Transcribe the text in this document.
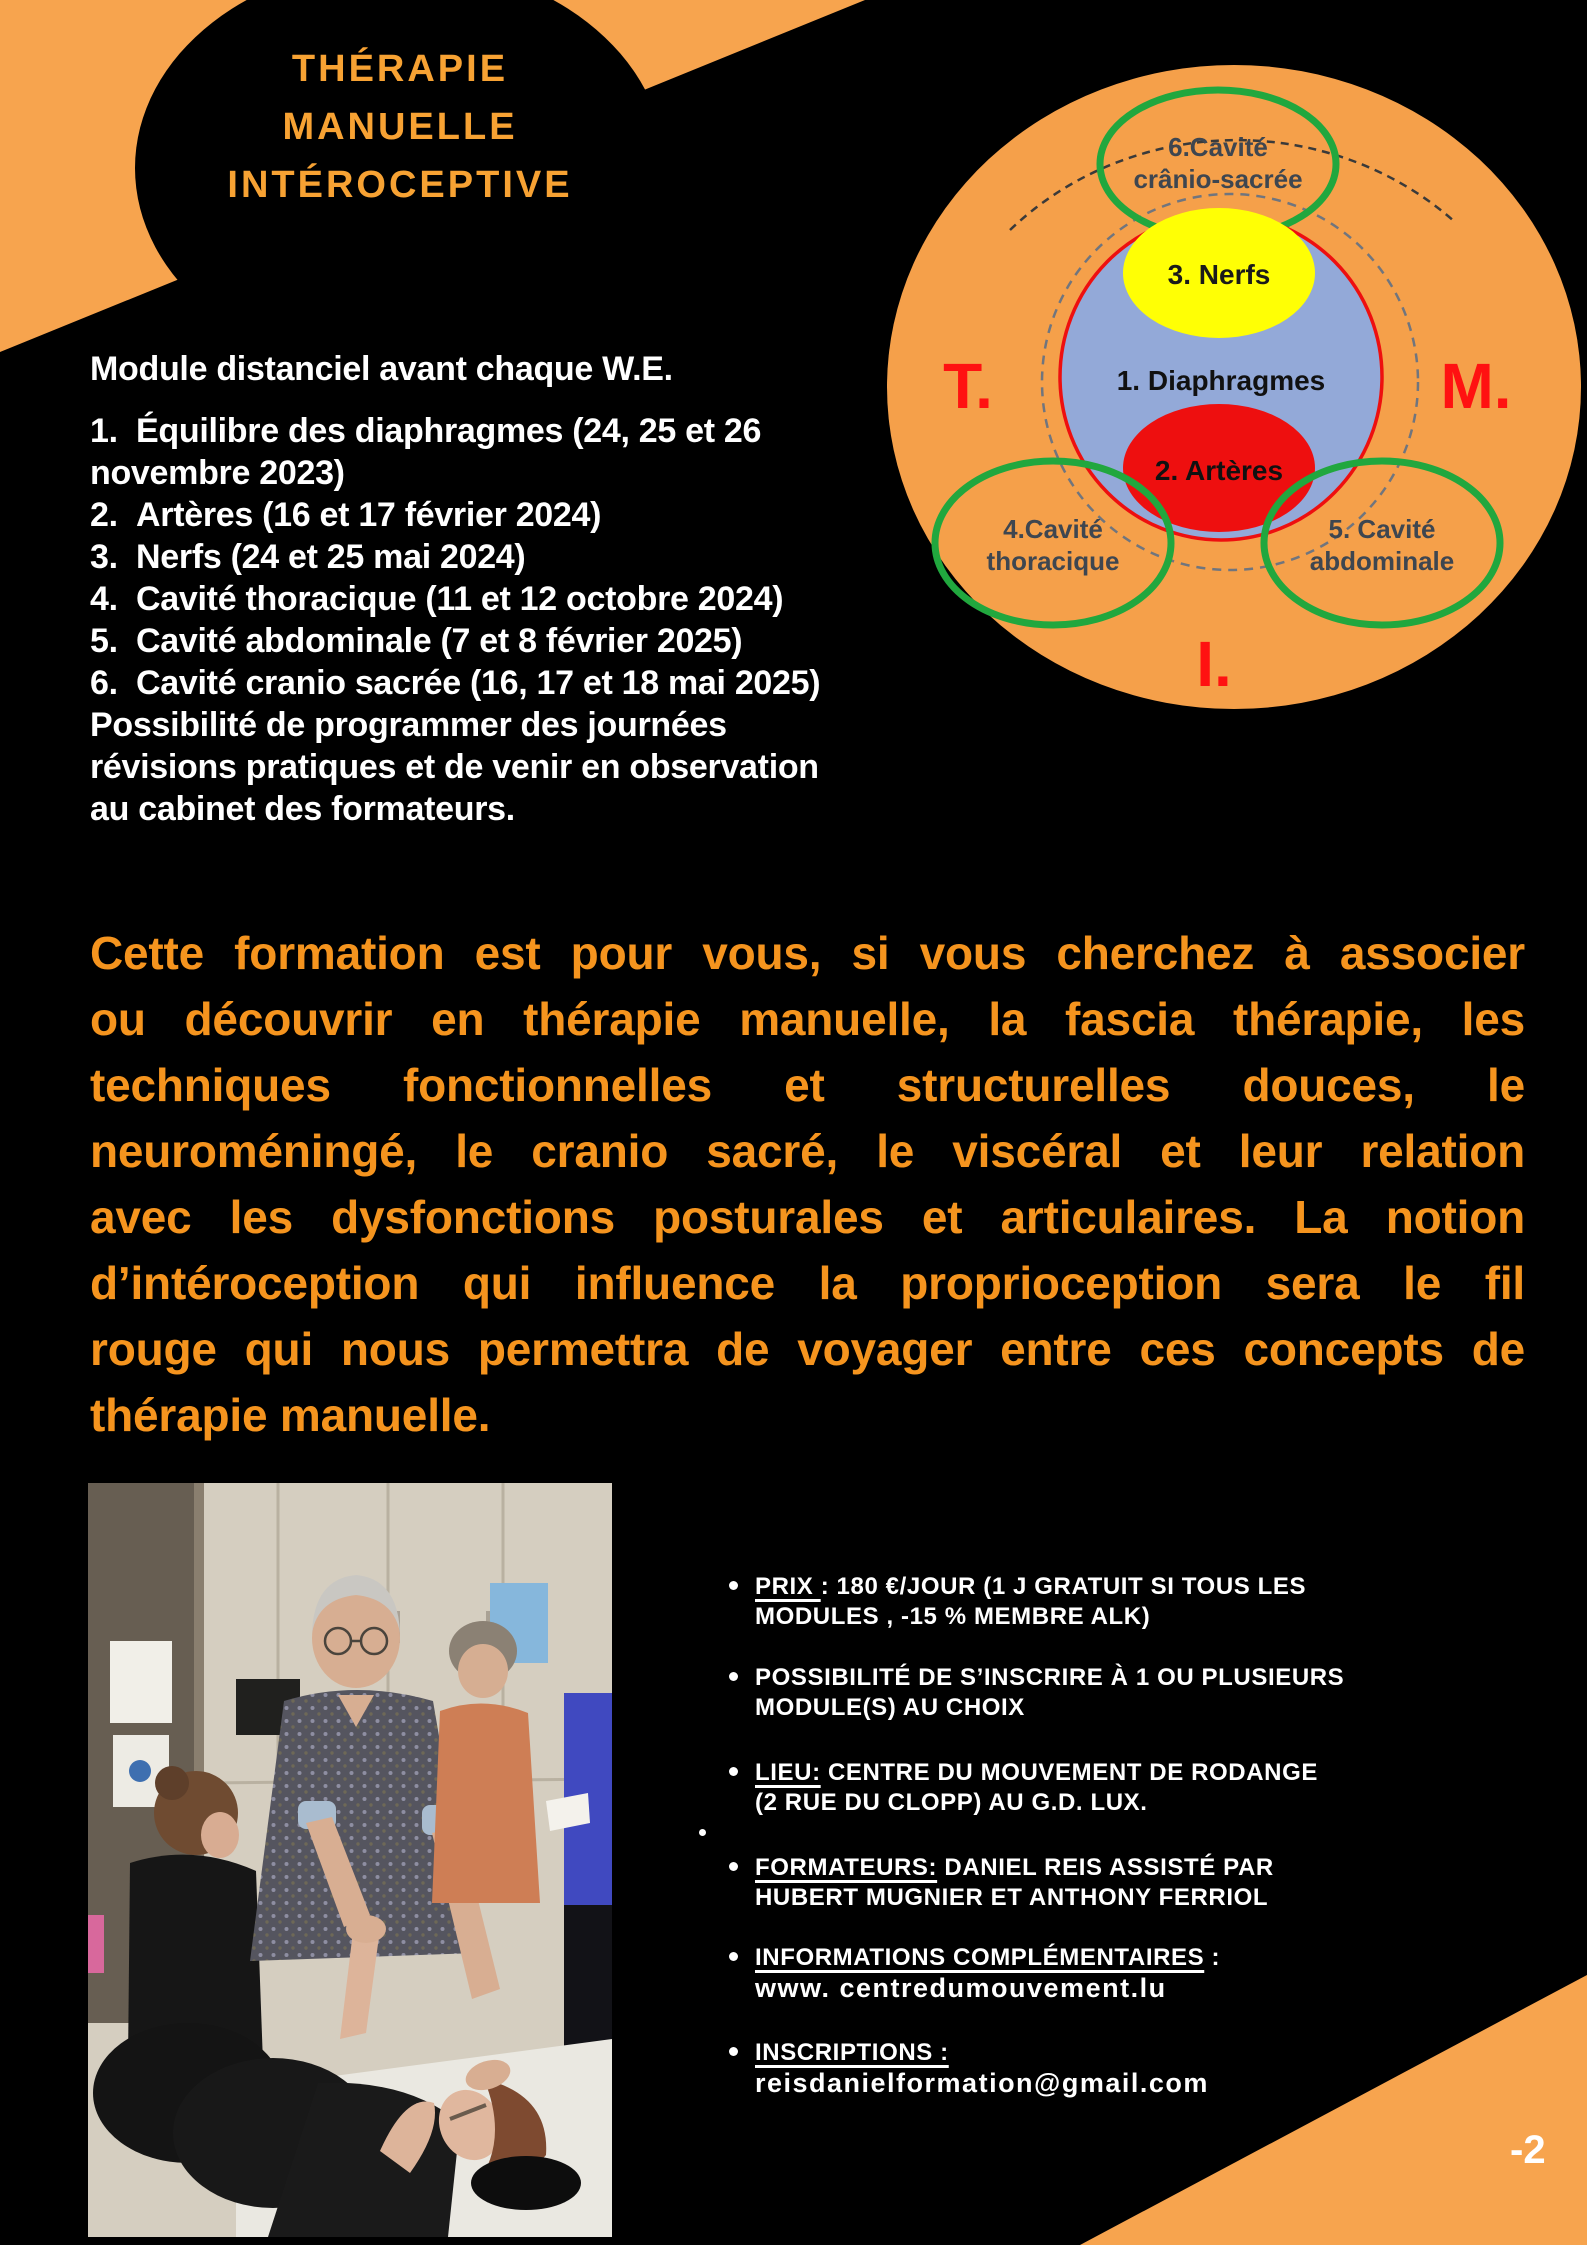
THÉRAPIE
MANUELLE
INTÉROCEPTIVE
6.Cavité
crânio-sacrée
3. Nerfs
1. Diaphragmes
2. Artères
4.Cavité
thoracique
5. Cavité
abdominale
T.	M.
I.
Module distanciel avant chaque W.E.
1.  Équilibre des diaphragmes (24, 25 et 26
novembre 2023)
2.  Artères (16 et 17 février 2024)
3.  Nerfs (24 et 25 mai 2024)
4.  Cavité thoracique (11 et 12 octobre 2024)
5.  Cavité abdominale (7 et 8 février 2025)
6.  Cavité cranio sacrée (16, 17 et 18 mai 2025)
Possibilité de programmer des journées
révisions pratiques et de venir en observation
au cabinet des formateurs.
Cette formation est pour vous, si vous cherchez à associer
ou découvrir en thérapie manuelle, la fascia thérapie, les
techniques fonctionnelles et structurelles douces, le
neuroméningé, le cranio sacré, le viscéral et leur relation
avec les dysfonctions posturales et articulaires. La notion
d’intéroception qui influence la proprioception sera le fil
rouge qui nous permettra de voyager entre ces concepts de
thérapie manuelle.
PRIX : 180 €/JOUR (1 J GRATUIT SI TOUS LES
MODULES , -15 % MEMBRE ALK)
POSSIBILITÉ DE S’INSCRIRE À 1 OU PLUSIEURS
MODULE(S) AU CHOIX
LIEU: CENTRE DU MOUVEMENT DE RODANGE
(2 RUE DU CLOPP) AU G.D. LUX.
FORMATEURS: DANIEL REIS ASSISTÉ PAR
HUBERT MUGNIER ET ANTHONY FERRIOL
INFORMATIONS COMPLÉMENTAIRES :
www. centredumouvement.lu
INSCRIPTIONS :
reisdanielformation@gmail.com
-2
